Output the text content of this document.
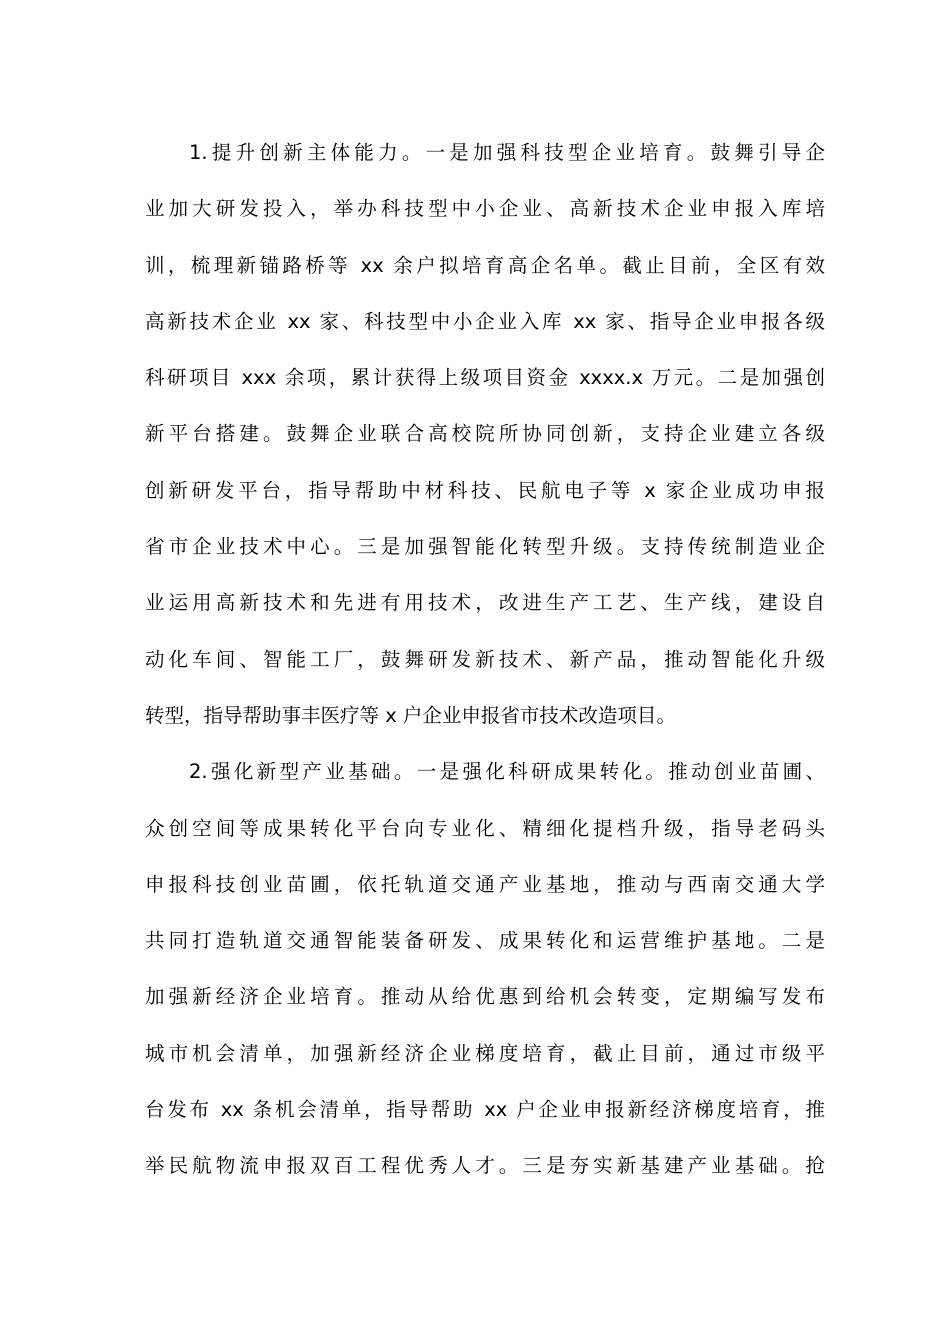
1.提升创新主体能力。一是加强科技型企业培育。鼓舞引导企
业加大研发投入，举办科技型中小企业、高新技术企业申报入库培
训，梳理新锚路桥等 xx 余户拟培育高企名单。截止目前，全区有效
高新技术企业 xx 家、科技型中小企业入库 xx 家、指导企业申报各级
科研项目 xxx 余项，累计获得上级项目资金 xxxx.x 万元。二是加强创
新平台搭建。鼓舞企业联合高校院所协同创新，支持企业建立各级
创新研发平台，指导帮助中材科技、民航电子等 x 家企业成功申报
省市企业技术中心。三是加强智能化转型升级。支持传统制造业企
业运用高新技术和先进有用技术，改进生产工艺、生产线，建设自
动化车间、智能工厂，鼓舞研发新技术、新产品，推动智能化升级
转型，指导帮助事丰医疗等 x 户企业申报省市技术改造项目。
2.强化新型产业基础。一是强化科研成果转化。推动创业苗圃、
众创空间等成果转化平台向专业化、精细化提档升级，指导老码头
申报科技创业苗圃，依托轨道交通产业基地，推动与西南交通大学
共同打造轨道交通智能装备研发、成果转化和运营维护基地。二是
加强新经济企业培育。推动从给优惠到给机会转变，定期编写发布
城市机会清单，加强新经济企业梯度培育，截止目前，通过市级平
台发布 xx 条机会清单，指导帮助 xx 户企业申报新经济梯度培育，推
举民航物流申报双百工程优秀人才。三是夯实新基建产业基础。抢
